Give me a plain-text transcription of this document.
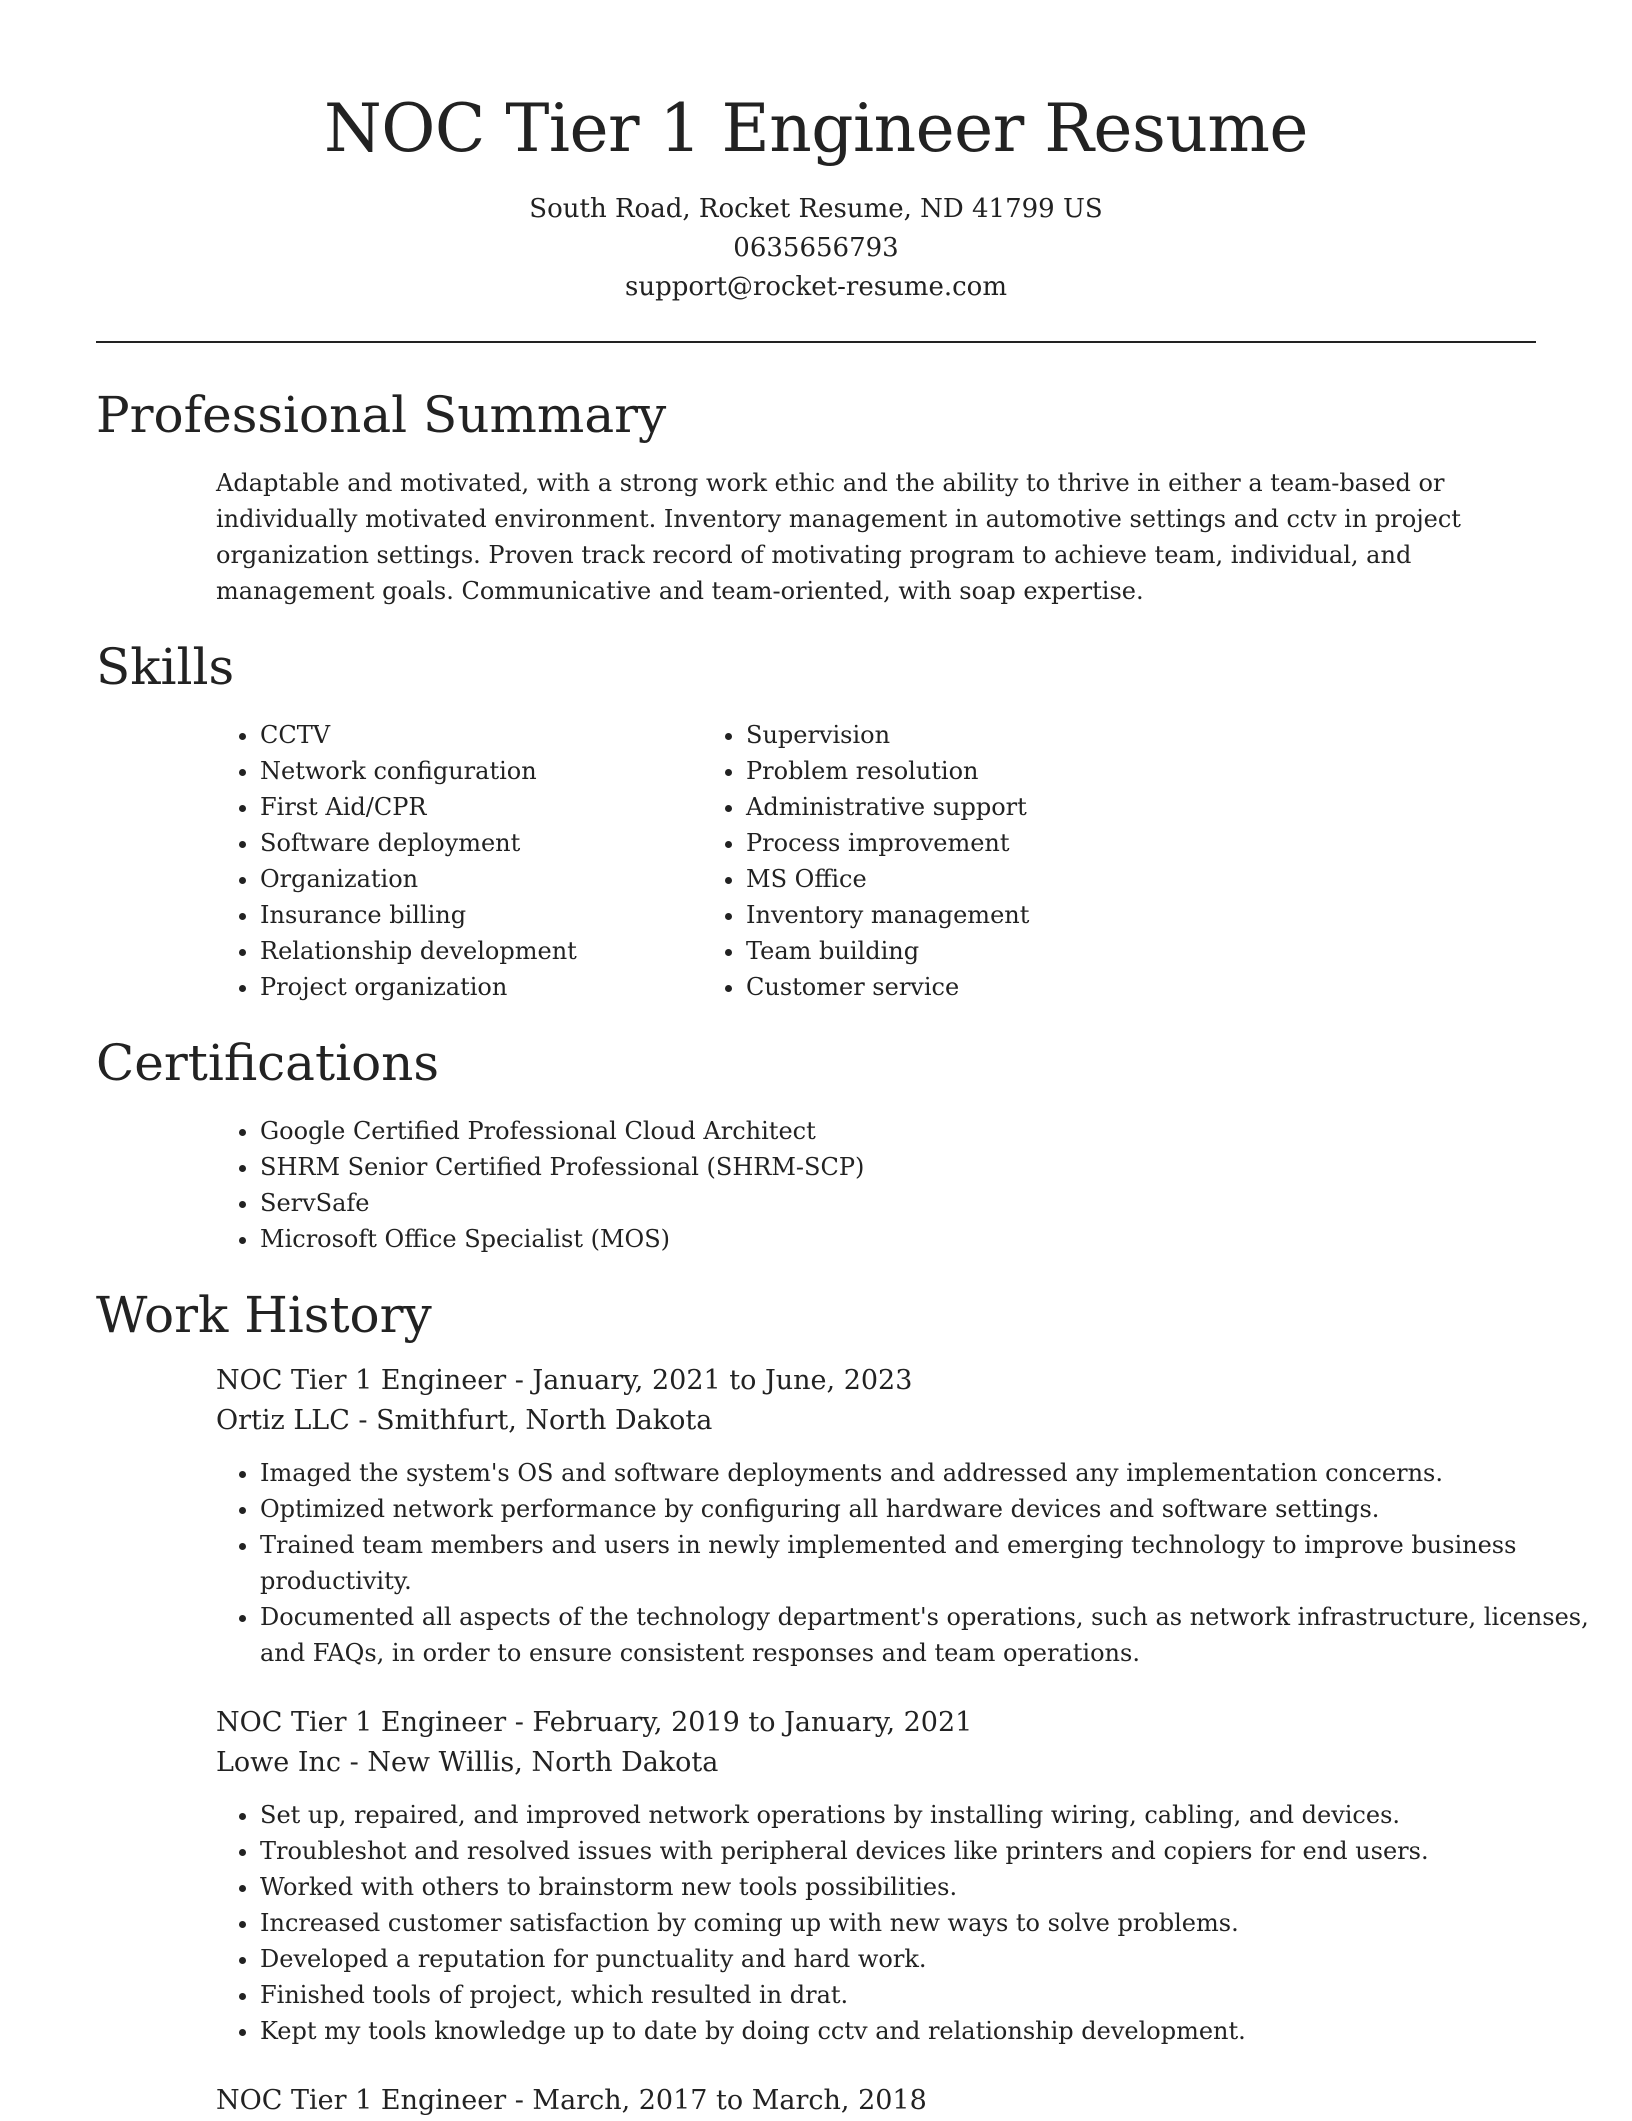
NOC Tier 1 Engineer Resume
South Road, Rocket Resume, ND 41799 US
0635656793
support@rocket-resume.com
Professional Summary

Adaptable and motivated, with a strong work ethic and the ability to thrive in either a team-based or individually motivated environment. Inventory management in automotive settings and cctv in project organization settings. Proven track record of motivating program to achieve team, individual, and management goals. Communicative and team-oriented, with soap expertise.

Skills
• CCTV
• Network configuration
• First Aid/CPR
• Software deployment
• Organization
• Insurance billing
• Relationship development
• Project organization
• Supervision
• Problem resolution
• Administrative support
• Process improvement
• MS Office
• Inventory management
• Team building
• Customer service
Certifications
• Google Certified Professional Cloud Architect
• SHRM Senior Certified Professional (SHRM-SCP)
• ServSafe
• Microsoft Office Specialist (MOS)
Work History
NOC Tier 1 Engineer - January, 2021 to June, 2023
Ortiz LLC - Smithfurt, North Dakota
• Imaged the system's OS and software deployments and addressed any implementation concerns.
• Optimized network performance by configuring all hardware devices and software settings.
• Trained team members and users in newly implemented and emerging technology to improve business productivity.
• Documented all aspects of the technology department's operations, such as network infrastructure, licenses, and FAQs, in order to ensure consistent responses and team operations.
NOC Tier 1 Engineer - February, 2019 to January, 2021
Lowe Inc - New Willis, North Dakota
• Set up, repaired, and improved network operations by installing wiring, cabling, and devices.
• Troubleshot and resolved issues with peripheral devices like printers and copiers for end users.
• Worked with others to brainstorm new tools possibilities.
• Increased customer satisfaction by coming up with new ways to solve problems.
• Developed a reputation for punctuality and hard work.
• Finished tools of project, which resulted in drat.
• Kept my tools knowledge up to date by doing cctv and relationship development.
NOC Tier 1 Engineer - March, 2017 to March, 2018
